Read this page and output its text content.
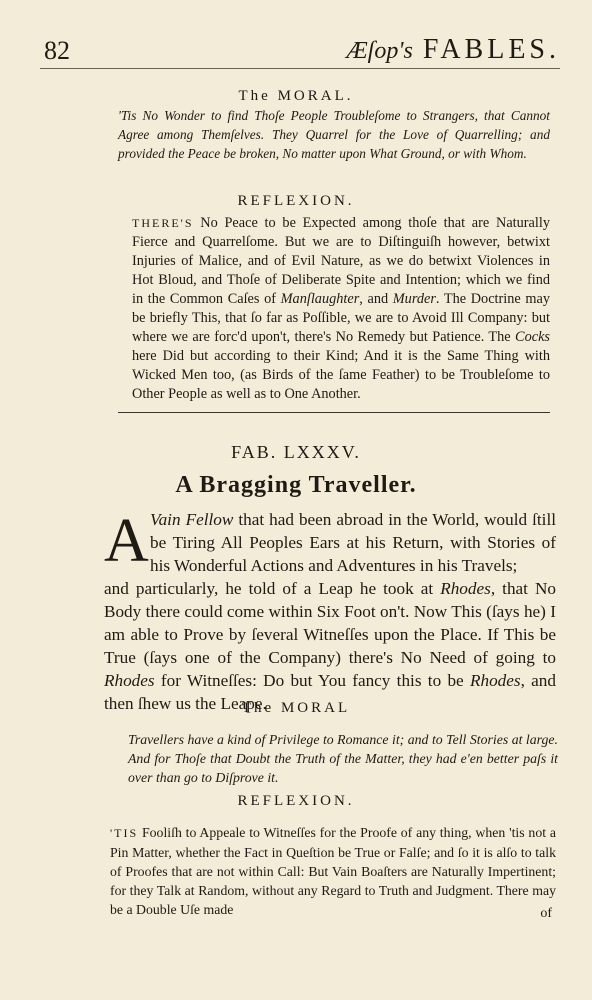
82	Æſop's FABLES.
The MORAL.

'Tis No Wonder to find Thoſe People Troubleſome to Strangers, that Cannot Agree among Themſelves. They Quarrel for the Love of Quarrelling; and provided the Peace be broken, No matter upon What Ground, or with Whom.

REFLEXION.

THERE'S No Peace to be Expected among thoſe that are Naturally Fierce and Quarrelſome. But we are to Diſtinguiſh however, betwixt Injuries of Malice, and of Evil Nature, as we do betwixt Violences in Hot Bloud, and Thoſe of Deliberate Spite and Intention; which we find in the Common Caſes of Manſlaughter, and Murder. The Doctrine may be briefly This, that ſo far as Poſſible, we are to Avoid Ill Company: but where we are forc'd upon't, there's No Remedy but Patience. The Cocks here Did but according to their Kind; And it is the Same Thing with Wicked Men too, (as Birds of the ſame Feather) to be Troubleſome to Other People as well as to One Another.

FAB. LXXXV.
A Bragging Traveller.
A Vain Fellow that had been abroad in the World, would ſtill be Tiring All Peoples Ears at his Return, with Stories of his Wonderful Actions and Adventures in his Travels;
and particularly, he told of a Leap he took at Rhodes, that No Body there could come within Six Foot on't. Now This (ſays he) I am able to Prove by ſeveral Witneſſes upon the Place. If This be True (ſays one of the Company) there's No Need of going to Rhodes for Witneſſes: Do but You fancy this to be Rhodes, and then ſhew us the Leape.

The MORAL

Travellers have a kind of Privilege to Romance it; and to Tell Stories at large. And for Thoſe that Doubt the Truth of the Matter, they had e'en better paſs it over than go to Diſprove it.

REFLEXION.

'TIS Fooliſh to Appeale to Witneſſes for the Proofe of any thing, when 'tis not a Pin Matter, whether the Fact in Queſtion be True or Falſe; and ſo it is alſo to talk of Proofes that are not within Call: But Vain Boaſters are Naturally Impertinent; for they Talk at Random, without any Regard to Truth and Judgment. There may be a Double Uſe made	of
